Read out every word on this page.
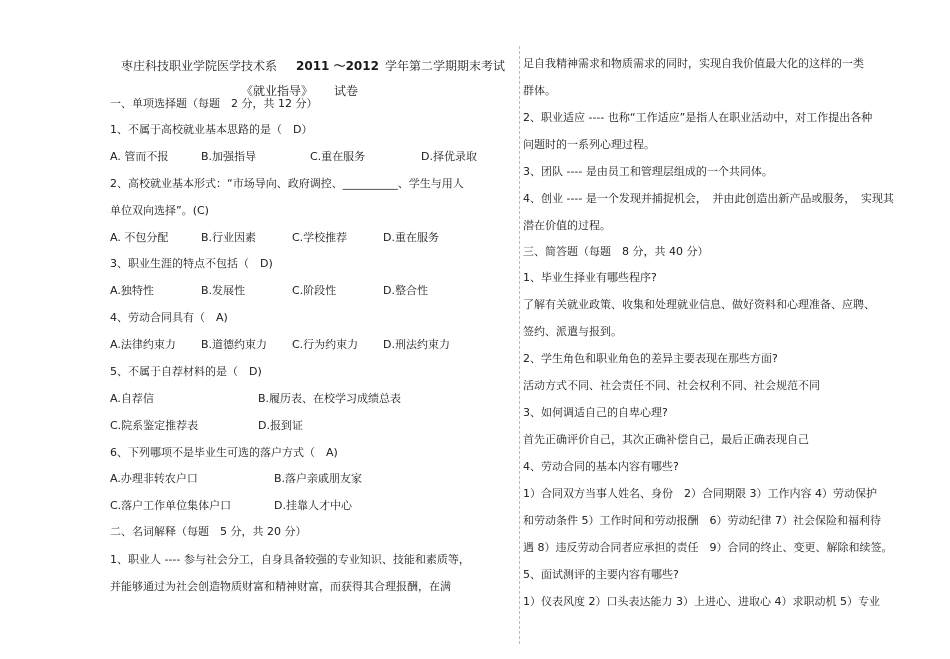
枣庄科技职业学院医学技术系 2011 ～2012 学年第二学期期末考试
《就业指导》 试卷
一、单项选择题（每题　2 分，共 12 分）
1、不属于高校就业基本思路的是（　D）
A. 管而不报	B.加强指导	C.重在服务	D.择优录取
2、高校就业基本形式：“市场导向、政府调控、__________、学生与用人
单位双向选择”。(C)
A. 不包分配	B.行业因素	C.学校推荐	D.重在服务
3、职业生涯的特点不包括（　D)
A.独特性	B.发展性	C.阶段性	D.整合性
4、劳动合同具有（　A)
A.法律约束力 B.道德约束力 C.行为约束力 D.刑法约束力
5、不属于自荐材料的是（　D)
A.自荐信	B.履历表、在校学习成绩总表
C.院系鉴定推荐表	D.报到证
6、下列哪项不是毕业生可选的落户方式（　A)
A.办理非转农户口	B.落户亲戚朋友家
C.落户工作单位集体户口	D.挂靠人才中心
二、名词解释（每题　5 分，共 20 分）
1、职业人 ---- 参与社会分工，自身具备较强的专业知识、技能和素质等，
并能够通过为社会创造物质财富和精神财富，而获得其合理报酬，在满
足自我精神需求和物质需求的同时，实现自我价值最大化的这样的一类
群体。
2、职业适应 ---- 也称“工作适应”是指人在职业活动中，对工作提出各种
问题时的一系列心理过程。
3、团队 ---- 是由员工和管理层组成的一个共同体。
4、创业 ---- 是一个发现并捕捉机会，　并由此创造出新产品或服务，　实现其
潜在价值的过程。
三、简答题（每题　8 分，共 40 分）
1、毕业生择业有哪些程序?
了解有关就业政策、收集和处理就业信息、做好资料和心理准备、应聘、
签约、派遣与报到。
2、学生角色和职业角色的差异主要表现在那些方面?
活动方式不同、社会责任不同、社会权利不同、社会规范不同
3、如何调适自己的自卑心理?
首先正确评价自己，其次正确补偿自己，最后正确表现自己
4、劳动合同的基本内容有哪些?
1）合同双方当事人姓名、身份　2）合同期限 3）工作内容 4）劳动保护
和劳动条件 5）工作时间和劳动报酬　6）劳动纪律 7）社会保险和福利待
遇 8）违反劳动合同者应承担的责任　9）合同的终止、变更、解除和续签。
5、面试测评的主要内容有哪些?
1）仪表风度 2）口头表达能力 3）上进心、进取心 4）求职动机 5）专业
